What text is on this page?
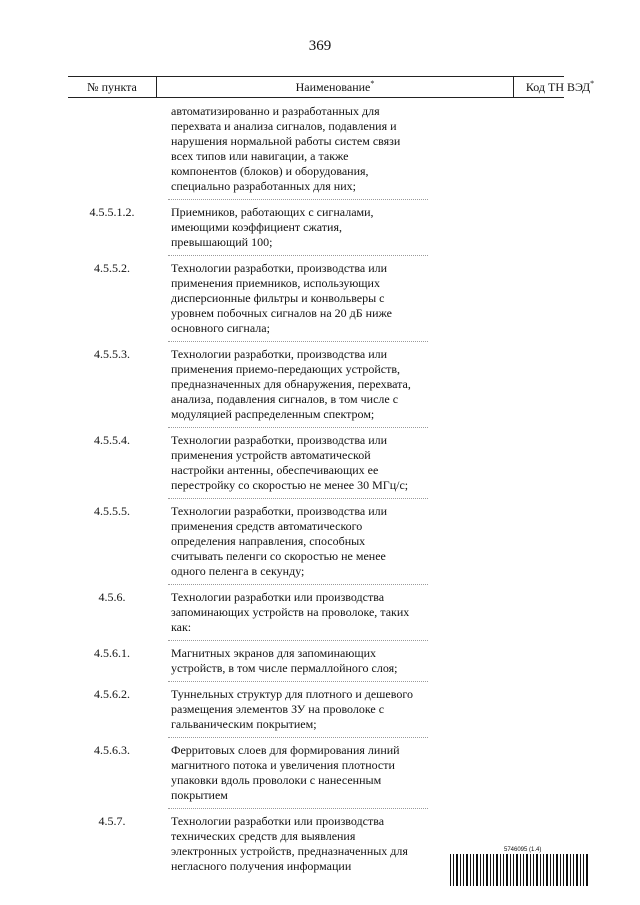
369
№ пункта	Наименование*	Код ТН ВЭД*
автоматизированно и разработанных для
перехвата и анализа сигналов, подавления и
нарушения нормальной работы систем связи
всех типов или навигации, а также
компонентов (блоков) и оборудования,
специально разработанных для них;
4.5.5.1.2.	Приемников, работающих с сигналами,
имеющими коэффициент сжатия,
превышающий 100;
4.5.5.2.	Технологии разработки, производства или
применения приемников, использующих
дисперсионные фильтры и конвольверы с
уровнем побочных сигналов на 20 дБ ниже
основного сигнала;
4.5.5.3.	Технологии разработки, производства или
применения приемо-передающих устройств,
предназначенных для обнаружения, перехвата,
анализа, подавления сигналов, в том числе с
модуляцией распределенным спектром;
4.5.5.4.	Технологии разработки, производства или
применения устройств автоматической
настройки антенны, обеспечивающих ее
перестройку со скоростью не менее 30 МГц/с;
4.5.5.5.	Технологии разработки, производства или
применения средств автоматического
определения направления, способных
считывать пеленги со скоростью не менее
одного пеленга в секунду;
4.5.6.	Технологии разработки или производства
запоминающих устройств на проволоке, таких
как:
4.5.6.1.	Магнитных экранов для запоминающих
устройств, в том числе пермаллойного слоя;
4.5.6.2.	Туннельных структур для плотного и дешевого
размещения элементов ЗУ на проволоке с
гальваническим покрытием;
4.5.6.3.	Ферритовых слоев для формирования линий
магнитного потока и увеличения плотности
упаковки вдоль проволоки с нанесенным
покрытием
4.5.7.	Технологии разработки или производства
технических средств для выявления
электронных устройств, предназначенных для
негласного получения информации
5746095 (1.4)
